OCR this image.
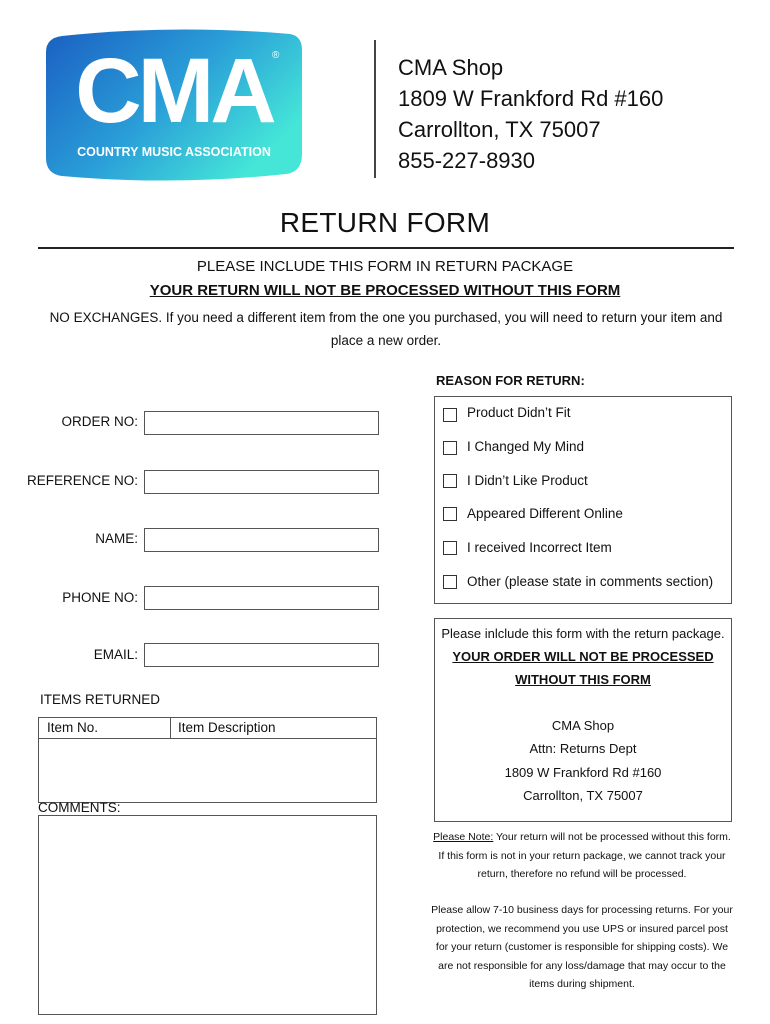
CMA ®
COUNTRY MUSIC ASSOCIATION
CMA Shop
1809 W Frankford Rd #160
Carrollton, TX 75007
855-227-8930
RETURN FORM
PLEASE INCLUDE THIS FORM IN RETURN PACKAGE
YOUR RETURN WILL NOT BE PROCESSED WITHOUT THIS FORM
NO EXCHANGES. If you need a different item from the one you purchased, you will need to return your item and place a new order.
ORDER NO:
REFERENCE NO:
NAME:
PHONE NO:
EMAIL:
REASON FOR RETURN:
Product Didn’t Fit
I Changed My Mind
I Didn’t Like Product
Appeared Different Online
I received Incorrect Item
Other (please state in comments section)
Please inlclude this form with the return package.
YOUR ORDER WILL NOT BE PROCESSED
WITHOUT THIS FORM
CMA Shop
Attn: Returns Dept
1809 W Frankford Rd #160
Carrollton, TX 75007
ITEMS RETURNED
Item No.	Item Description
COMMENTS:
Please Note: Your return will not be processed without this form. If this form is not in your return package, we cannot track your return, therefore no refund will be processed.
Please allow 7-10 business days for processing returns. For your protection, we recommend you use UPS or insured parcel post for your return (customer is responsible for shipping costs). We are not responsible for any loss/damage that may occur to the items during shipment.
